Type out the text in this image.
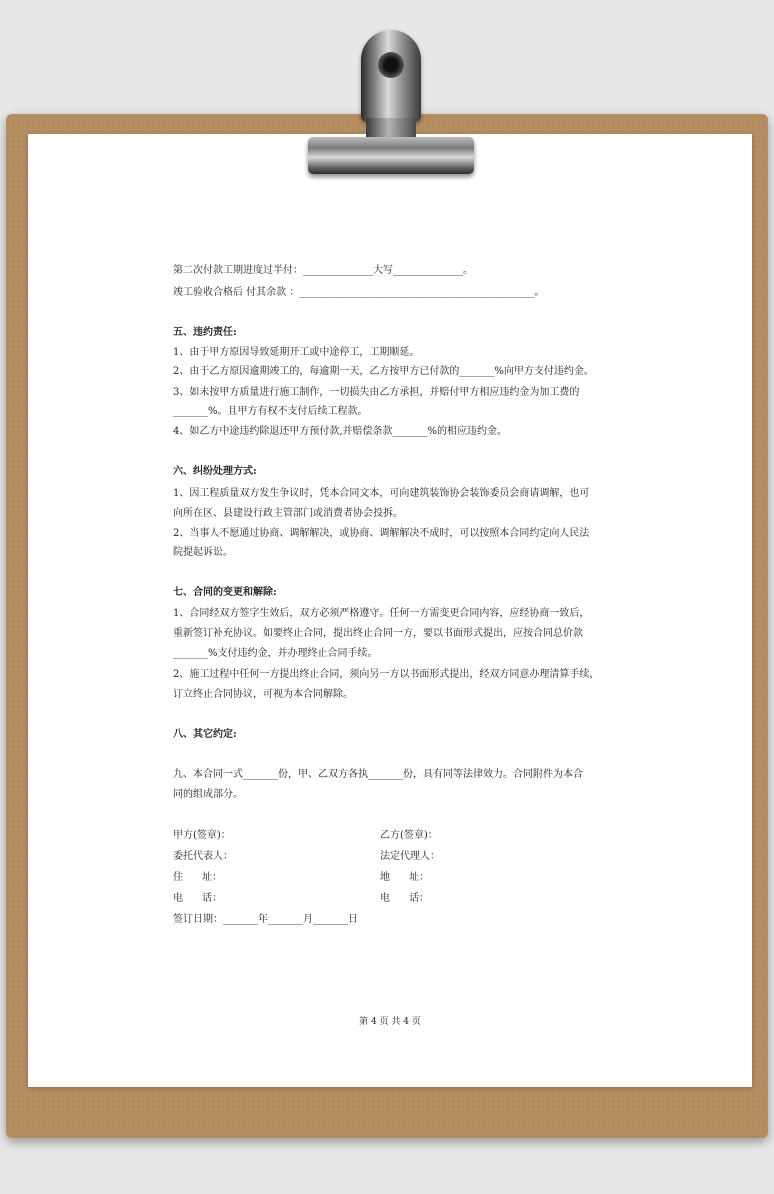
第二次付款工期进度过半付：______________大写______________。
竣工验收合格后 付其余款 ：_______________________________________________。
五、违约责任:
1、由于甲方原因导致延期开工或中途停工，工期顺延。
2、由于乙方原因逾期竣工的，每逾期一天，乙方按甲方已付款的_______%向甲方支付违约金。
3、如未按甲方质量进行施工制作，一切损失由乙方承担，并赔付甲方相应违约金为加工费的
_______%。且甲方有权不支付后续工程款。
4、如乙方中途违约除退还甲方预付款,并赔偿条款_______%的相应违约金。
六、纠纷处理方式:
1、因工程质量双方发生争议时，凭本合同文本，可向建筑装饰协会装饰委员会商请调解，也可
向所在区、县建设行政主管部门或消费者协会投拆。
2、当事人不愿通过协商、调解解决，或协商、调解解决不成时，可以按照本合同约定向人民法
院提起诉讼。
七、合同的变更和解除:
1、合同经双方签字生效后，双方必须严格遵守。任何一方需变更合同内容，应经协商一致后，
重新签订补充协议。如要终止合同，提出终止合同一方，要以书面形式提出，应按合同总价款
_______%支付违约金，并办理终止合同手续。
2、施工过程中任何一方提出终止合同，须向另一方以书面形式提出，经双方同意办理清算手续，
订立终止合同协议，可视为本合同解除。
八、其它约定:
九、本合同一式_______份，甲、乙双方各执_______份，具有同等法律效力。合同附件为本合
同的组成部分。
甲方(签章)：
委托代表人：
住      址：
电      话：
签订日期：_______年_______月_______日
乙方(签章)：
法定代理人：
地      址：
电      话：
第 4 页 共 4 页
